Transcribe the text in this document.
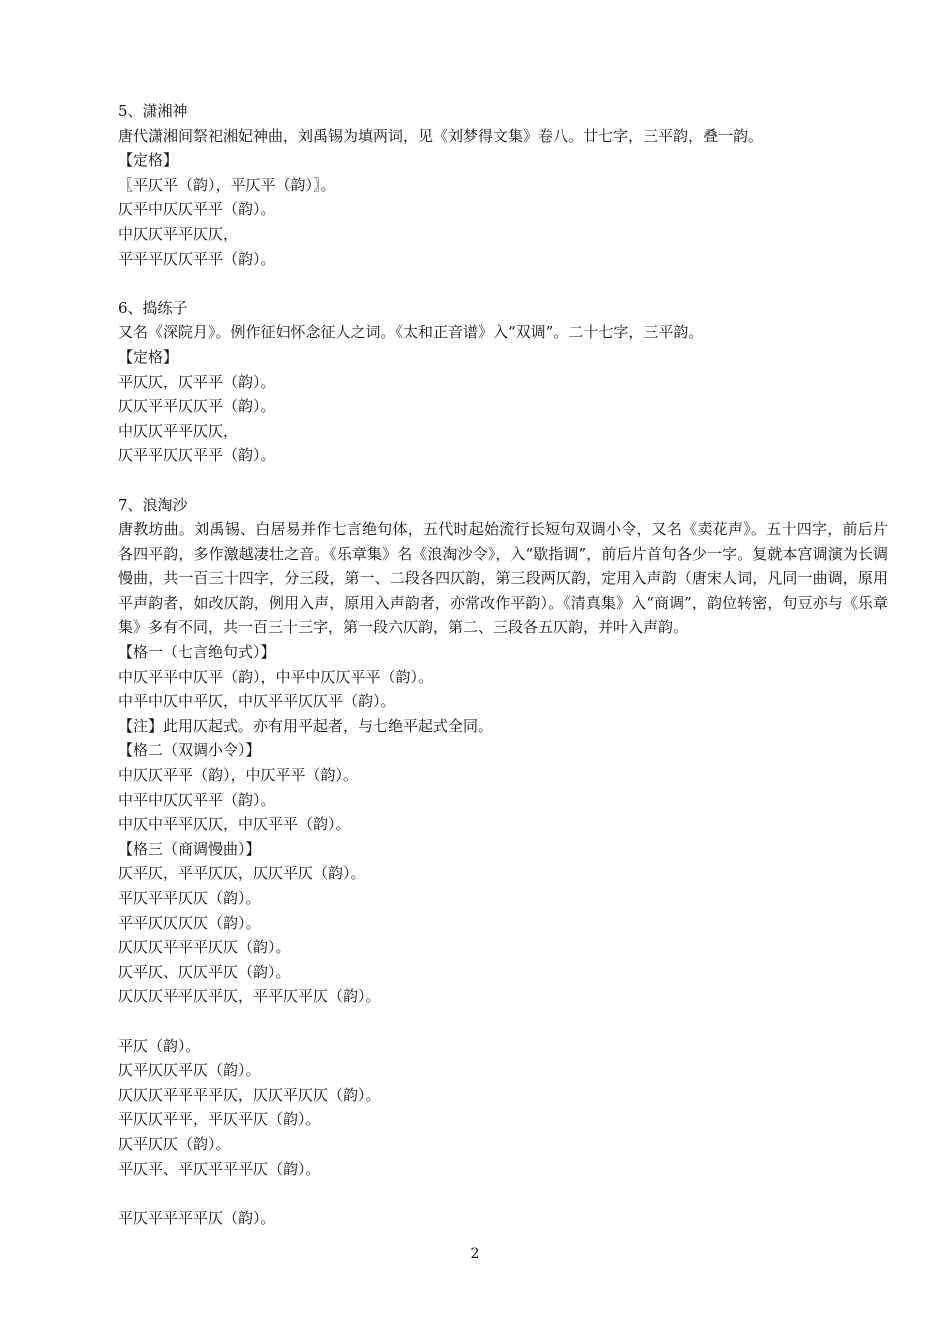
5、潇湘神
唐代潇湘间祭祀湘妃神曲，刘禹锡为填两词，见《刘梦得文集》卷八。廿七字，三平韵，叠一韵。
【定格】
〖平仄平（韵），平仄平（韵）〗。
仄平中仄仄平平（韵）。
中仄仄平平仄仄，
平平平仄仄平平（韵）。
6、捣练子
又名《深院月》。例作征妇怀念征人之词。《太和正音谱》入“双调”。二十七字，三平韵。
【定格】
平仄仄，仄平平（韵）。
仄仄平平仄仄平（韵）。
中仄仄平平仄仄，
仄平平仄仄平平（韵）。
7、浪淘沙
唐教坊曲。刘禹锡、白居易并作七言绝句体，五代时起始流行长短句双调小令，又名《卖花声》。五十四字，前后片各四平韵，多作激越凄壮之音。《乐章集》名《浪淘沙令》，入“歇指调”，前后片首句各少一字。复就本宫调演为长调慢曲，共一百三十四字，分三段，第一、二段各四仄韵，第三段两仄韵，定用入声韵（唐宋人词，凡同一曲调，原用平声韵者，如改仄韵，例用入声，原用入声韵者，亦常改作平韵）。《清真集》入“商调”，韵位转密，句豆亦与《乐章集》多有不同，共一百三十三字，第一段六仄韵，第二、三段各五仄韵，并叶入声韵。
【格一（七言绝句式）】
中仄平平中仄平（韵），中平中仄仄平平（韵）。
中平中仄中平仄，中仄平平仄仄平（韵）。
【注】此用仄起式。亦有用平起者，与七绝平起式全同。
【格二（双调小令）】
中仄仄平平（韵），中仄平平（韵）。
中平中仄仄平平（韵）。
中仄中平平仄仄，中仄平平（韵）。
【格三（商调慢曲）】
仄平仄，平平仄仄，仄仄平仄（韵）。
平仄平平仄仄（韵）。
平平仄仄仄仄（韵）。
仄仄仄平平平仄仄（韵）。
仄平仄、仄仄平仄（韵）。
仄仄仄平平仄平仄，平平仄平仄（韵）。
平仄（韵）。
仄平仄仄平仄（韵）。
仄仄仄平平平平仄，仄仄平仄仄（韵）。
平仄仄平平，平仄平仄（韵）。
仄平仄仄（韵）。
平仄平、平仄平平平仄（韵）。
平仄平平平平仄（韵）。
2
